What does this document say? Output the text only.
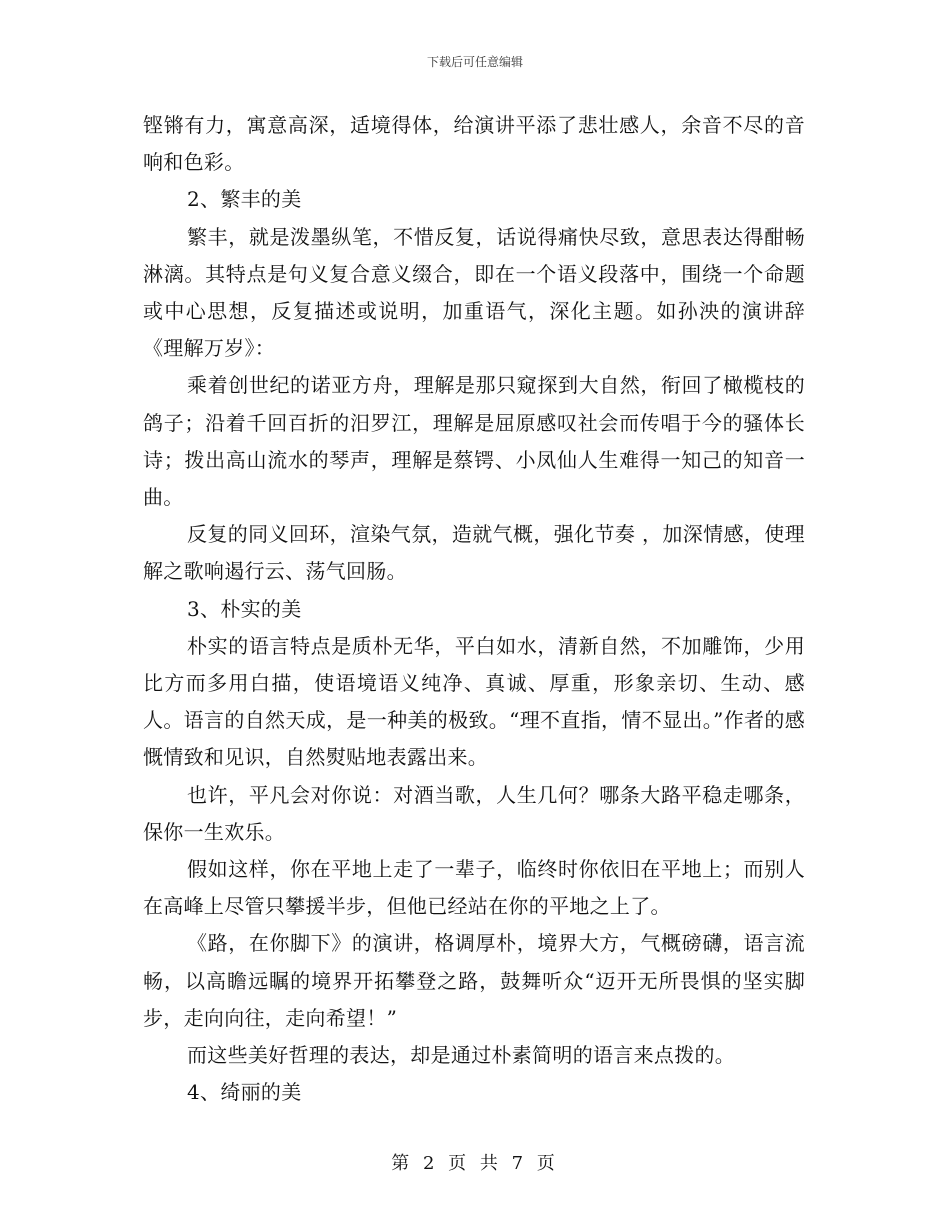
下载后可任意编辑

铿锵有力，寓意高深，适境得体，给演讲平添了悲壮感人，余音不尽的音响和色彩。

2、繁丰的美

繁丰，就是泼墨纵笔，不惜反复，话说得痛快尽致，意思表达得酣畅淋漓。其特点是句义复合意义缀合，即在一个语义段落中，围绕一个命题或中心思想，反复描述或说明，加重语气，深化主题。如孙泱的演讲辞《理解万岁》：

乘着创世纪的诺亚方舟，理解是那只窥探到大自然，衔回了橄榄枝的鸽子；沿着千回百折的汨罗江，理解是屈原感叹社会而传唱于今的骚体长诗；拨出高山流水的琴声，理解是蔡锷、小凤仙人生难得一知己的知音一曲。

反复的同义回环，渲染气氛，造就气概，强化节奏 ，加深情感，使理解之歌响遏行云、荡气回肠。

3、朴实的美

朴实的语言特点是质朴无华，平白如水，清新自然，不加雕饰，少用比方而多用白描，使语境语义纯净、真诚、厚重，形象亲切、生动、感人。语言的自然天成，是一种美的极致。“理不直指，情不显出。”作者的感慨情致和见识，自然熨贴地表露出来。

也许，平凡会对你说：对酒当歌，人生几何？哪条大路平稳走哪条，保你一生欢乐。

假如这样，你在平地上走了一辈子，临终时你依旧在平地上；而别人在高峰上尽管只攀援半步，但他已经站在你的平地之上了。

《路，在你脚下》的演讲，格调厚朴，境界大方，气概磅礴，语言流畅，以高瞻远瞩的境界开拓攀登之路，鼓舞听众“迈开无所畏惧的坚实脚步，走向向往，走向希望！”

而这些美好哲理的表达，却是通过朴素简明的语言来点拨的。

4、绮丽的美

第 2 页 共 7 页
